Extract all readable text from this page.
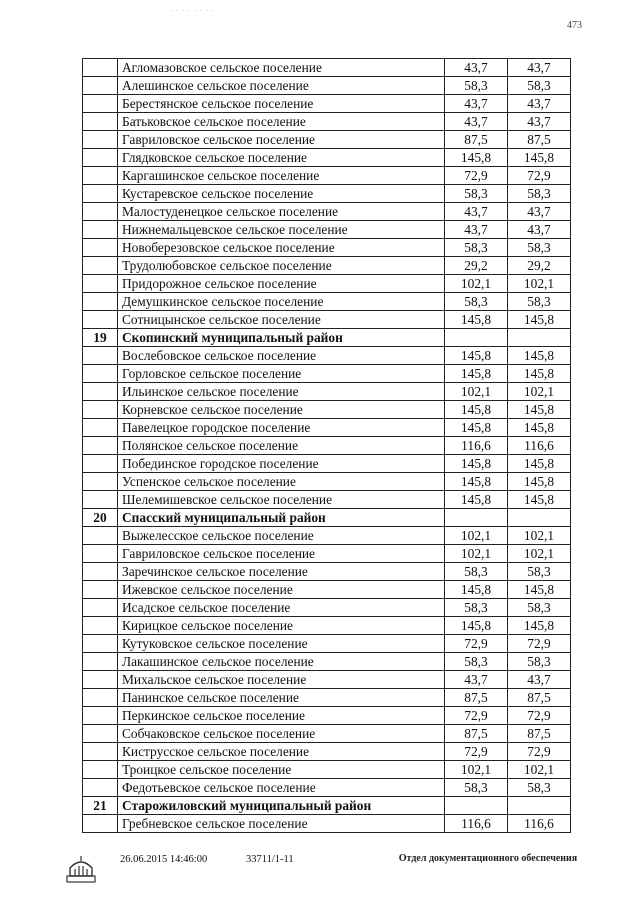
. . . . . . . .
473
	Агломазовское сельское поселение	43,7	43,7
	Алешинское сельское поселение	58,3	58,3
	Берестянское сельское поселение	43,7	43,7
	Батьковское сельское поселение	43,7	43,7
	Гавриловское сельское поселение	87,5	87,5
	Глядковское сельское поселение	145,8	145,8
	Каргашинское сельское поселение	72,9	72,9
	Кустаревское сельское поселение	58,3	58,3
	Малостуденецкое сельское поселение	43,7	43,7
	Нижнемальцевское сельское поселение	43,7	43,7
	Новоберезовское сельское поселение	58,3	58,3
	Трудолюбовское сельское поселение	29,2	29,2
	Придорожное сельское поселение	102,1	102,1
	Демушкинское сельское поселение	58,3	58,3
	Сотницынское сельское поселение	145,8	145,8
19	Скопинский муниципальный район		
	Вослебовское сельское поселение	145,8	145,8
	Горловское сельское поселение	145,8	145,8
	Ильинское сельское поселение	102,1	102,1
	Корневское сельское поселение	145,8	145,8
	Павелецкое городское поселение	145,8	145,8
	Полянское сельское поселение	116,6	116,6
	Побединское городское поселение	145,8	145,8
	Успенское сельское поселение	145,8	145,8
	Шелемишевское сельское поселение	145,8	145,8
20	Спасский муниципальный район		
	Выжелесское сельское поселение	102,1	102,1
	Гавриловское сельское поселение	102,1	102,1
	Заречинское сельское поселение	58,3	58,3
	Ижевское сельское поселение	145,8	145,8
	Исадское сельское поселение	58,3	58,3
	Кирицкое сельское поселение	145,8	145,8
	Кутуковское сельское поселение	72,9	72,9
	Лакашинское сельское поселение	58,3	58,3
	Михальское сельское поселение	43,7	43,7
	Панинское сельское поселение	87,5	87,5
	Перкинское сельское поселение	72,9	72,9
	Собчаковское сельское поселение	87,5	87,5
	Киструсское сельское поселение	72,9	72,9
	Троицкое сельское поселение	102,1	102,1
	Федотьевское сельское поселение	58,3	58,3
21	Старожиловский муниципальный район		
	Гребневское сельское поселение	116,6	116,6
26.06.2015 14:46:00	33711/1-11	Отдел документационного обеспечения
